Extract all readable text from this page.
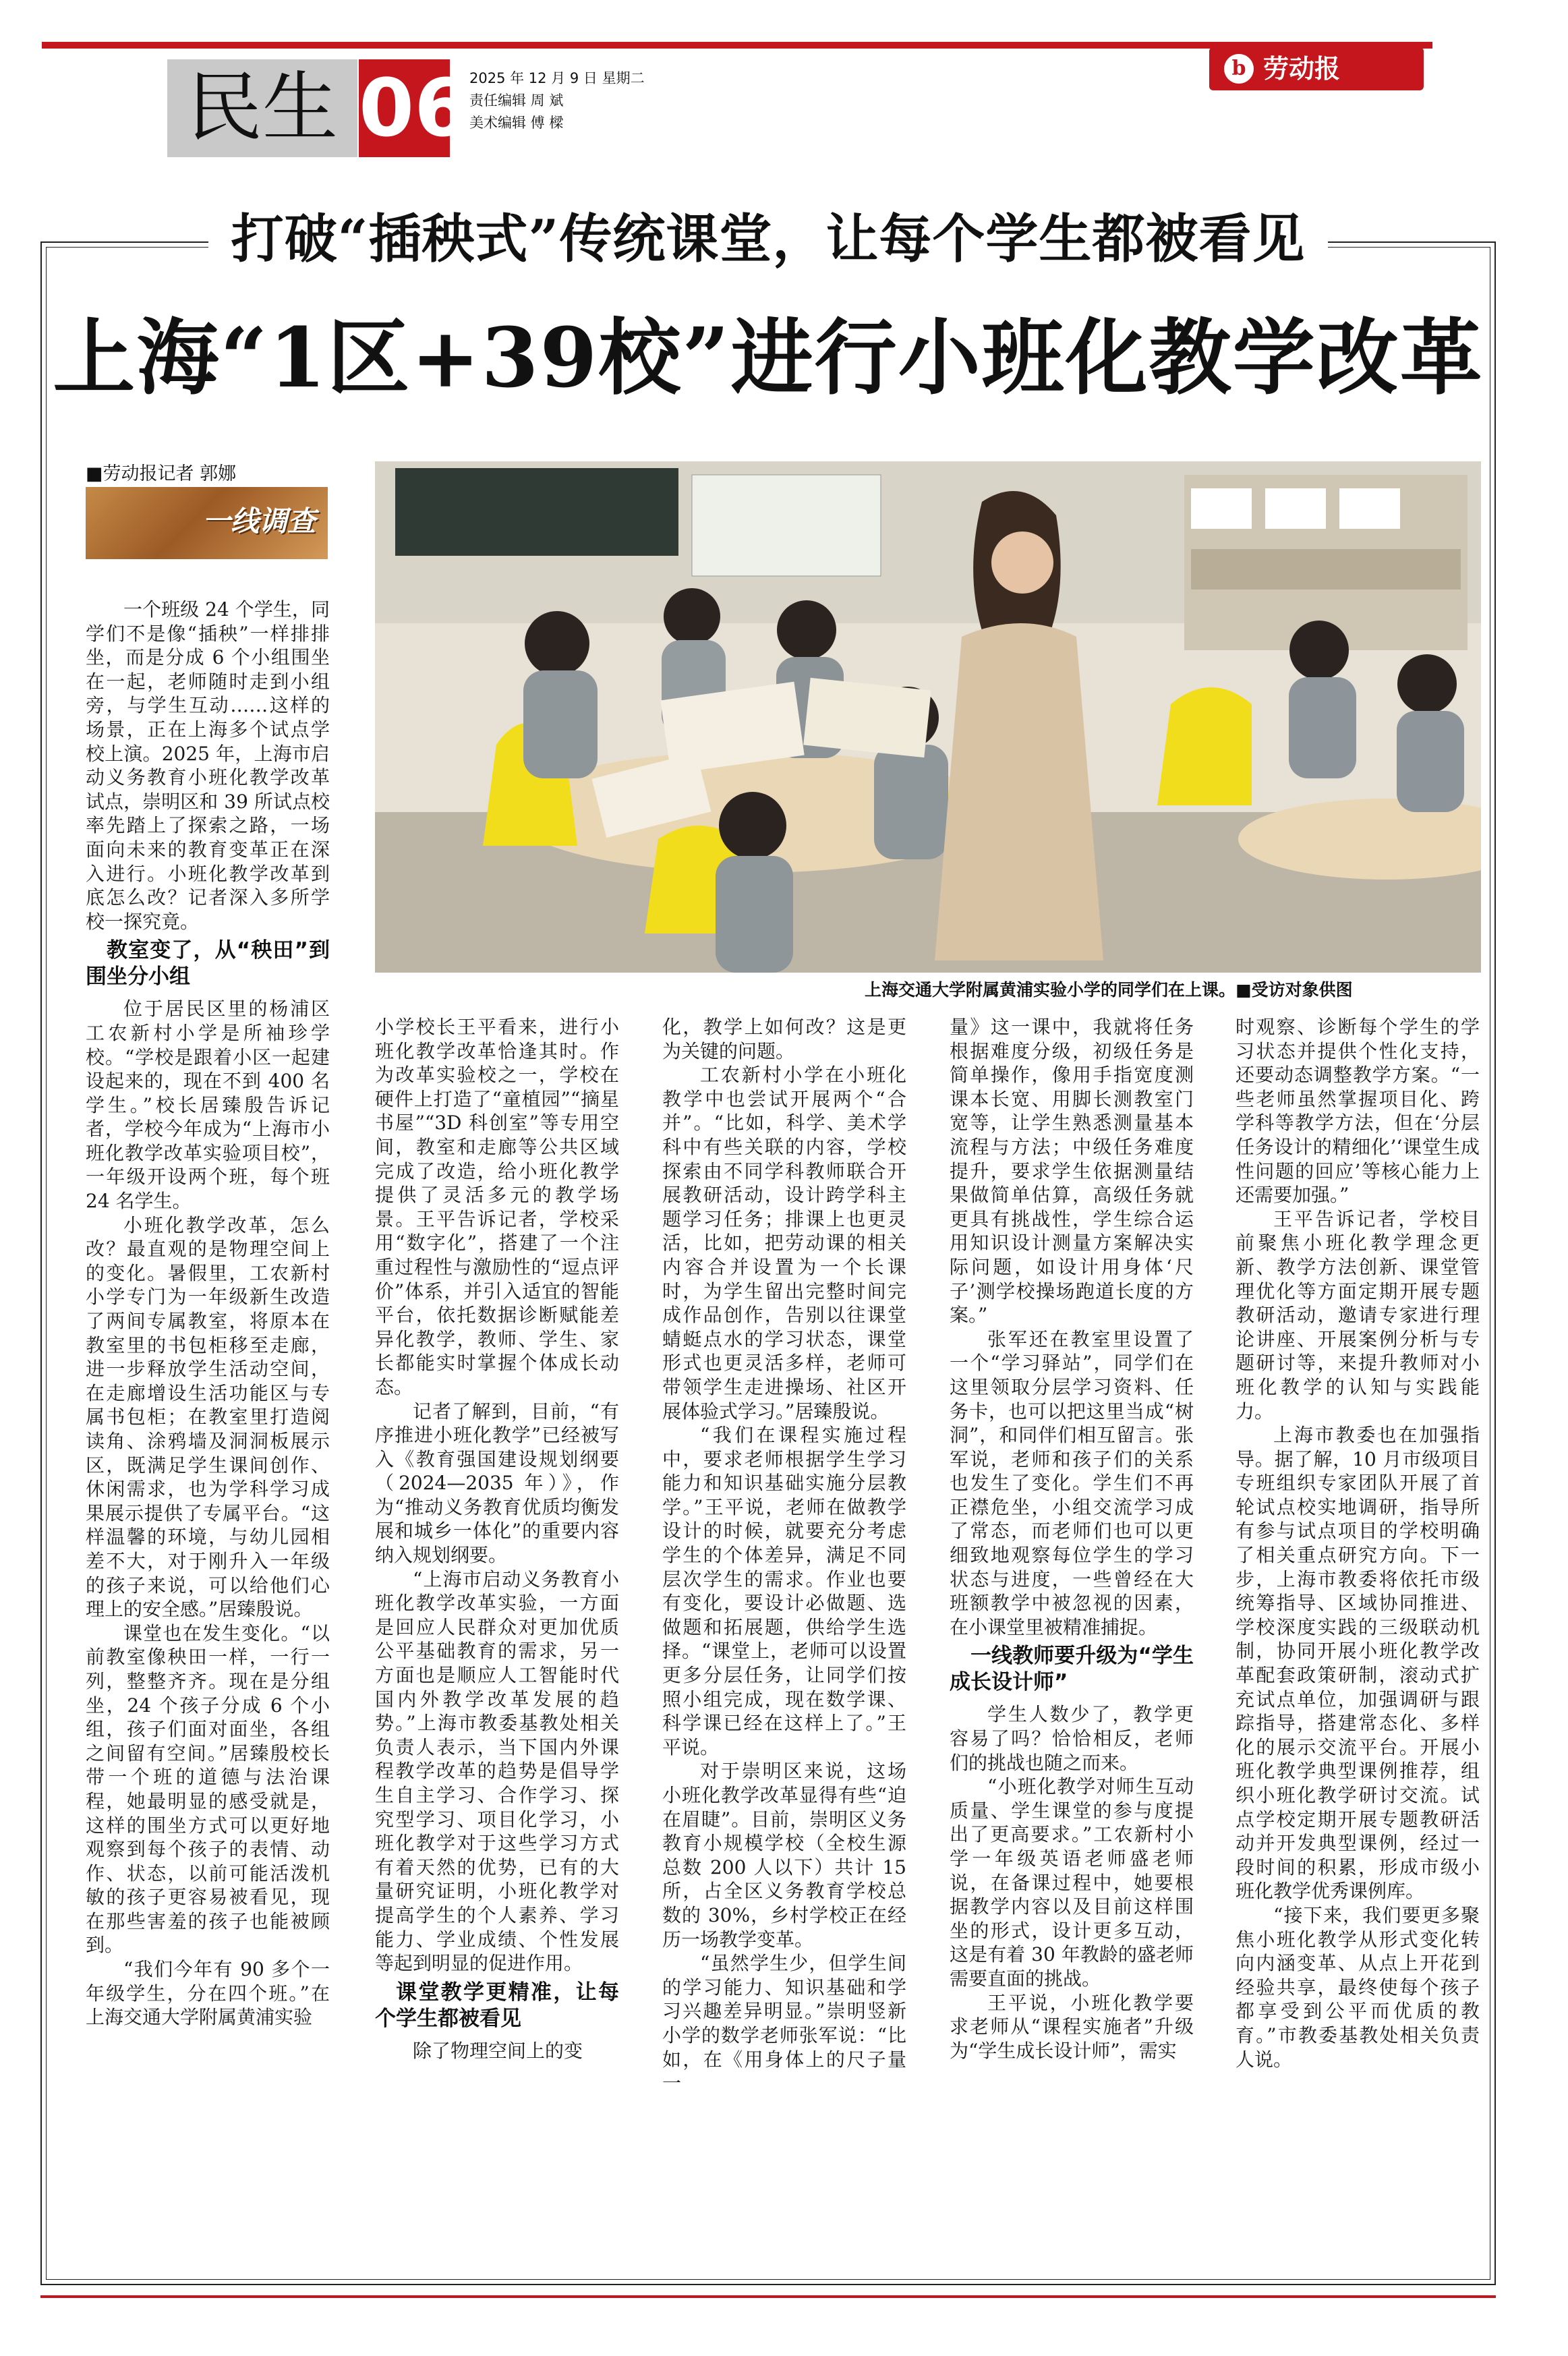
民生 06 2025 年 12 月 9 日 星期二
责任编辑 周 斌
美术编辑 傅 樑
b 劳动报
打破“插秧式”传统课堂，让每个学生都被看见
上海“1区+39校”进行小班化教学改革
■劳动报记者 郭娜
一线调查
上海交通大学附属黄浦实验小学的同学们在上课。■受访对象供图

一个班级 24 个学生，同学们不是像“插秧”一样排排坐，而是分成 6 个小组围坐在一起，老师随时走到小组旁，与学生互动……这样的场景，正在上海多个试点学校上演。2025 年，上海市启动义务教育小班化教学改革试点，崇明区和 39 所试点校率先踏上了探索之路，一场面向未来的教育变革正在深入进行。小班化教学改革到底怎么改？记者深入多所学校一探究竟。

教室变了，从“秧田”到围坐分小组

位于居民区里的杨浦区工农新村小学是所袖珍学校。“学校是跟着小区一起建设起来的，现在不到 400 名学生。”校长居臻殷告诉记者，学校今年成为“上海市小班化教学改革实验项目校”，一年级开设两个班，每个班 24 名学生。

小班化教学改革，怎么改？最直观的是物理空间上的变化。暑假里，工农新村小学专门为一年级新生改造了两间专属教室，将原本在教室里的书包柜移至走廊，进一步释放学生活动空间，在走廊增设生活功能区与专属书包柜；在教室里打造阅读角、涂鸦墙及洞洞板展示区，既满足学生课间创作、休闲需求，也为学科学习成果展示提供了专属平台。“这样温馨的环境，与幼儿园相差不大，对于刚升入一年级的孩子来说，可以给他们心理上的安全感。”居臻殷说。

课堂也在发生变化。“以前教室像秧田一样，一行一列，整整齐齐。现在是分组坐，24 个孩子分成 6 个小组，孩子们面对面坐，各组之间留有空间。”居臻殷校长带一个班的道德与法治课程，她最明显的感受就是，这样的围坐方式可以更好地观察到每个孩子的表情、动作、状态，以前可能活泼机敏的孩子更容易被看见，现在那些害羞的孩子也能被顾到。

“我们今年有 90 多个一年级学生，分在四个班。”在上海交通大学附属黄浦实验

小学校长王平看来，进行小班化教学改革恰逢其时。作为改革实验校之一，学校在硬件上打造了“童植园”“摘星书屋”“3D 科创室”等专用空间，教室和走廊等公共区域完成了改造，给小班化教学提供了灵活多元的教学场景。王平告诉记者，学校采用“数字化”，搭建了一个注重过程性与激励性的“逗点评价”体系，并引入适宜的智能平台，依托数据诊断赋能差异化教学，教师、学生、家长都能实时掌握个体成长动态。

记者了解到，目前，“有序推进小班化教学”已经被写入《教育强国建设规划纲要（2024—2035 年）》，作为“推动义务教育优质均衡发展和城乡一体化”的重要内容纳入规划纲要。

“上海市启动义务教育小班化教学改革实验，一方面是回应人民群众对更加优质公平基础教育的需求，另一方面也是顺应人工智能时代国内外教学改革发展的趋势。”上海市教委基教处相关负责人表示，当下国内外课程教学改革的趋势是倡导学生自主学习、合作学习、探究型学习、项目化学习，小班化教学对于这些学习方式有着天然的优势，已有的大量研究证明，小班化教学对提高学生的个人素养、学习能力、学业成绩、个性发展等起到明显的促进作用。

课堂教学更精准，让每个学生都被看见

除了物理空间上的变

化，教学上如何改？这是更为关键的问题。

工农新村小学在小班化教学中也尝试开展两个“合并”。“比如，科学、美术学科中有些关联的内容，学校探索由不同学科教师联合开展教研活动，设计跨学科主题学习任务；排课上也更灵活，比如，把劳动课的相关内容合并设置为一个长课时，为学生留出完整时间完成作品创作，告别以往课堂蜻蜓点水的学习状态，课堂形式也更灵活多样，老师可带领学生走进操场、社区开展体验式学习。”居臻殷说。

“我们在课程实施过程中，要求老师根据学生学习能力和知识基础实施分层教学。”王平说，老师在做教学设计的时候，就要充分考虑学生的个体差异，满足不同层次学生的需求。作业也要有变化，要设计必做题、选做题和拓展题，供给学生选择。“课堂上，老师可以设置更多分层任务，让同学们按照小组完成，现在数学课、科学课已经在这样上了。”王平说。

对于崇明区来说，这场小班化教学改革显得有些“迫在眉睫”。目前，崇明区义务教育小规模学校（全校生源总数 200 人以下）共计 15 所，占全区义务教育学校总数的 30%，乡村学校正在经历一场教学变革。

“虽然学生少，但学生间的学习能力、知识基础和学习兴趣差异明显。”崇明竖新小学的数学老师张军说：“比如，在《用身体上的尺子量一

量》这一课中，我就将任务根据难度分级，初级任务是简单操作，像用手指宽度测课本长宽、用脚长测教室门宽等，让学生熟悉测量基本流程与方法；中级任务难度提升，要求学生依据测量结果做简单估算，高级任务就更具有挑战性，学生综合运用知识设计测量方案解决实际问题，如设计用身体‘尺子’测学校操场跑道长度的方案。”

张军还在教室里设置了一个“学习驿站”，同学们在这里领取分层学习资料、任务卡，也可以把这里当成“树洞”，和同伴们相互留言。张军说，老师和孩子们的关系也发生了变化。学生们不再正襟危坐，小组交流学习成了常态，而老师们也可以更细致地观察每位学生的学习状态与进度，一些曾经在大班额教学中被忽视的因素，在小课堂里被精准捕捉。

一线教师要升级为“学生成长设计师”

学生人数少了，教学更容易了吗？恰恰相反，老师们的挑战也随之而来。

“小班化教学对师生互动质量、学生课堂的参与度提出了更高要求。”工农新村小学一年级英语老师盛老师说，在备课过程中，她要根据教学内容以及目前这样围坐的形式，设计更多互动，这是有着 30 年教龄的盛老师需要直面的挑战。

王平说，小班化教学要求老师从“课程实施者”升级为“学生成长设计师”，需实

时观察、诊断每个学生的学习状态并提供个性化支持，还要动态调整教学方案。“一些老师虽然掌握项目化、跨学科等教学方法，但在‘分层任务设计的精细化’‘课堂生成性问题的回应’等核心能力上还需要加强。”

王平告诉记者，学校目前聚焦小班化教学理念更新、教学方法创新、课堂管理优化等方面定期开展专题教研活动，邀请专家进行理论讲座、开展案例分析与专题研讨等，来提升教师对小班化教学的认知与实践能力。

上海市教委也在加强指导。据了解，10 月市级项目专班组织专家团队开展了首轮试点校实地调研，指导所有参与试点项目的学校明确了相关重点研究方向。下一步，上海市教委将依托市级统筹指导、区域协同推进、学校深度实践的三级联动机制，协同开展小班化教学改革配套政策研制，滚动式扩充试点单位，加强调研与跟踪指导，搭建常态化、多样化的展示交流平台。开展小班化教学典型课例推荐，组织小班化教学研讨交流。试点学校定期开展专题教研活动并开发典型课例，经过一段时间的积累，形成市级小班化教学优秀课例库。

“接下来，我们要更多聚焦小班化教学从形式变化转向内涵变革、从点上开花到经验共享，最终使每个孩子都享受到公平而优质的教育。”市教委基教处相关负责人说。
